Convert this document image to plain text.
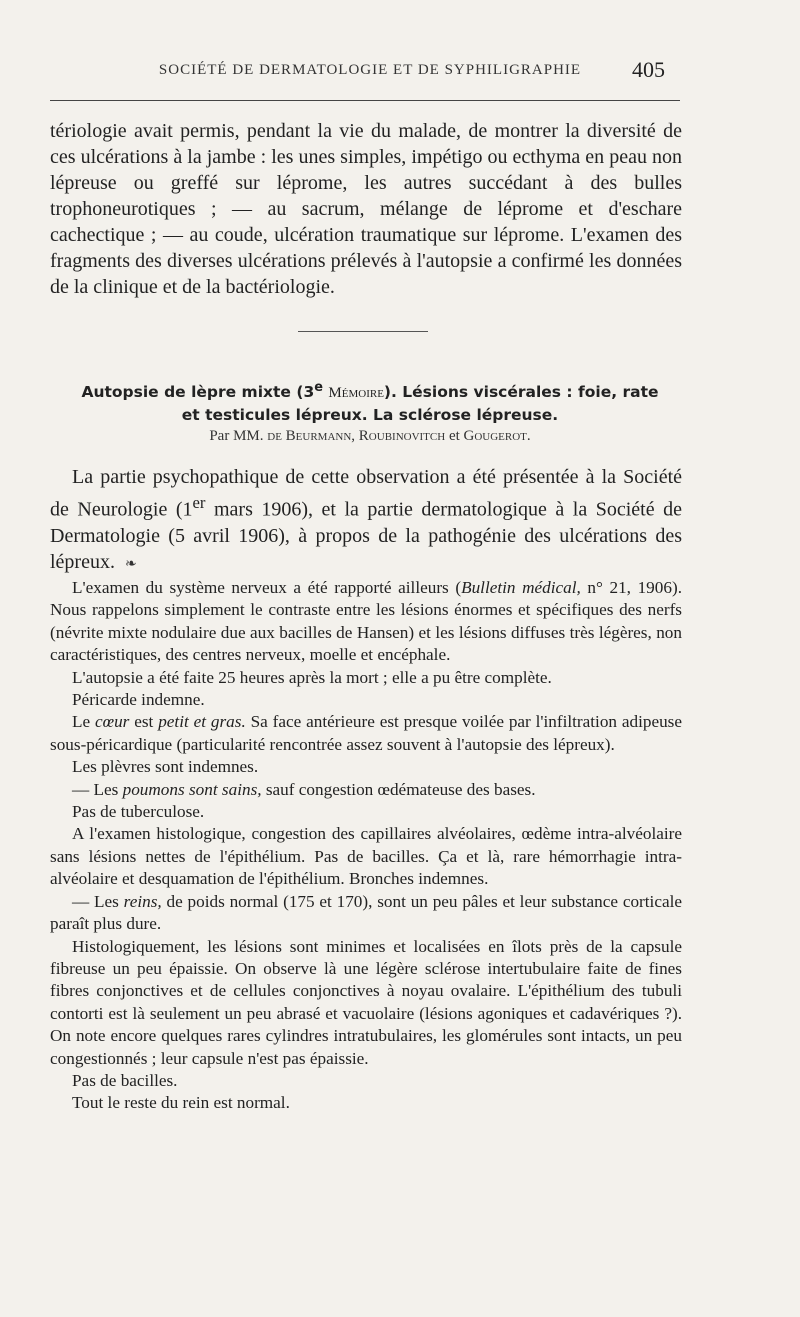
SOCIÉTÉ DE DERMATOLOGIE ET DE SYPHILIGRAPHIE	405

tériologie avait permis, pendant la vie du malade, de montrer la diversité de ces ulcérations à la jambe : les unes simples, impétigo ou ecthyma en peau non lépreuse ou greffé sur léprome, les autres succédant à des bulles trophoneurotiques ; — au sacrum, mélange de léprome et d'eschare cachectique ; — au coude, ulcération traumatique sur léprome. L'examen des fragments des diverses ulcérations prélevés à l'autopsie a confirmé les données de la clinique et de la bactériologie.

Autopsie de lèpre mixte (3e Mémoire). Lésions viscérales : foie, rate et testicules lépreux. La sclérose lépreuse.
Par MM. de Beurmann, Roubinovitch et Gougerot.

La partie psychopathique de cette observation a été présentée à la Société de Neurologie (1er mars 1906), et la partie dermatologique à la Société de Dermatologie (5 avril 1906), à propos de la pathogénie des ulcérations des lépreux. ❧

L'examen du système nerveux a été rapporté ailleurs (Bulletin médical, n° 21, 1906). Nous rappelons simplement le contraste entre les lésions énormes et spécifiques des nerfs (névrite mixte nodulaire due aux bacilles de Hansen) et les lésions diffuses très légères, non caractéristiques, des centres nerveux, moelle et encéphale.

L'autopsie a été faite 25 heures après la mort ; elle a pu être complète.

Péricarde indemne.

Le cœur est petit et gras. Sa face antérieure est presque voilée par l'infiltration adipeuse sous-péricardique (particularité rencontrée assez souvent à l'autopsie des lépreux).

Les plèvres sont indemnes.

— Les poumons sont sains, sauf congestion œdémateuse des bases.

Pas de tuberculose.

A l'examen histologique, congestion des capillaires alvéolaires, œdème intra-alvéolaire sans lésions nettes de l'épithélium. Pas de bacilles. Ça et là, rare hémorrhagie intra-alvéolaire et desquamation de l'épithélium. Bronches indemnes.

— Les reins, de poids normal (175 et 170), sont un peu pâles et leur substance corticale paraît plus dure.

Histologiquement, les lésions sont minimes et localisées en îlots près de la capsule fibreuse un peu épaissie. On observe là une légère sclérose intertubulaire faite de fines fibres conjonctives et de cellules conjonctives à noyau ovalaire. L'épithélium des tubuli contorti est là seulement un peu abrasé et vacuolaire (lésions agoniques et cadavériques ?). On note encore quelques rares cylindres intratubulaires, les glomérules sont intacts, un peu congestionnés ; leur capsule n'est pas épaissie.

Pas de bacilles.

Tout le reste du rein est normal.
